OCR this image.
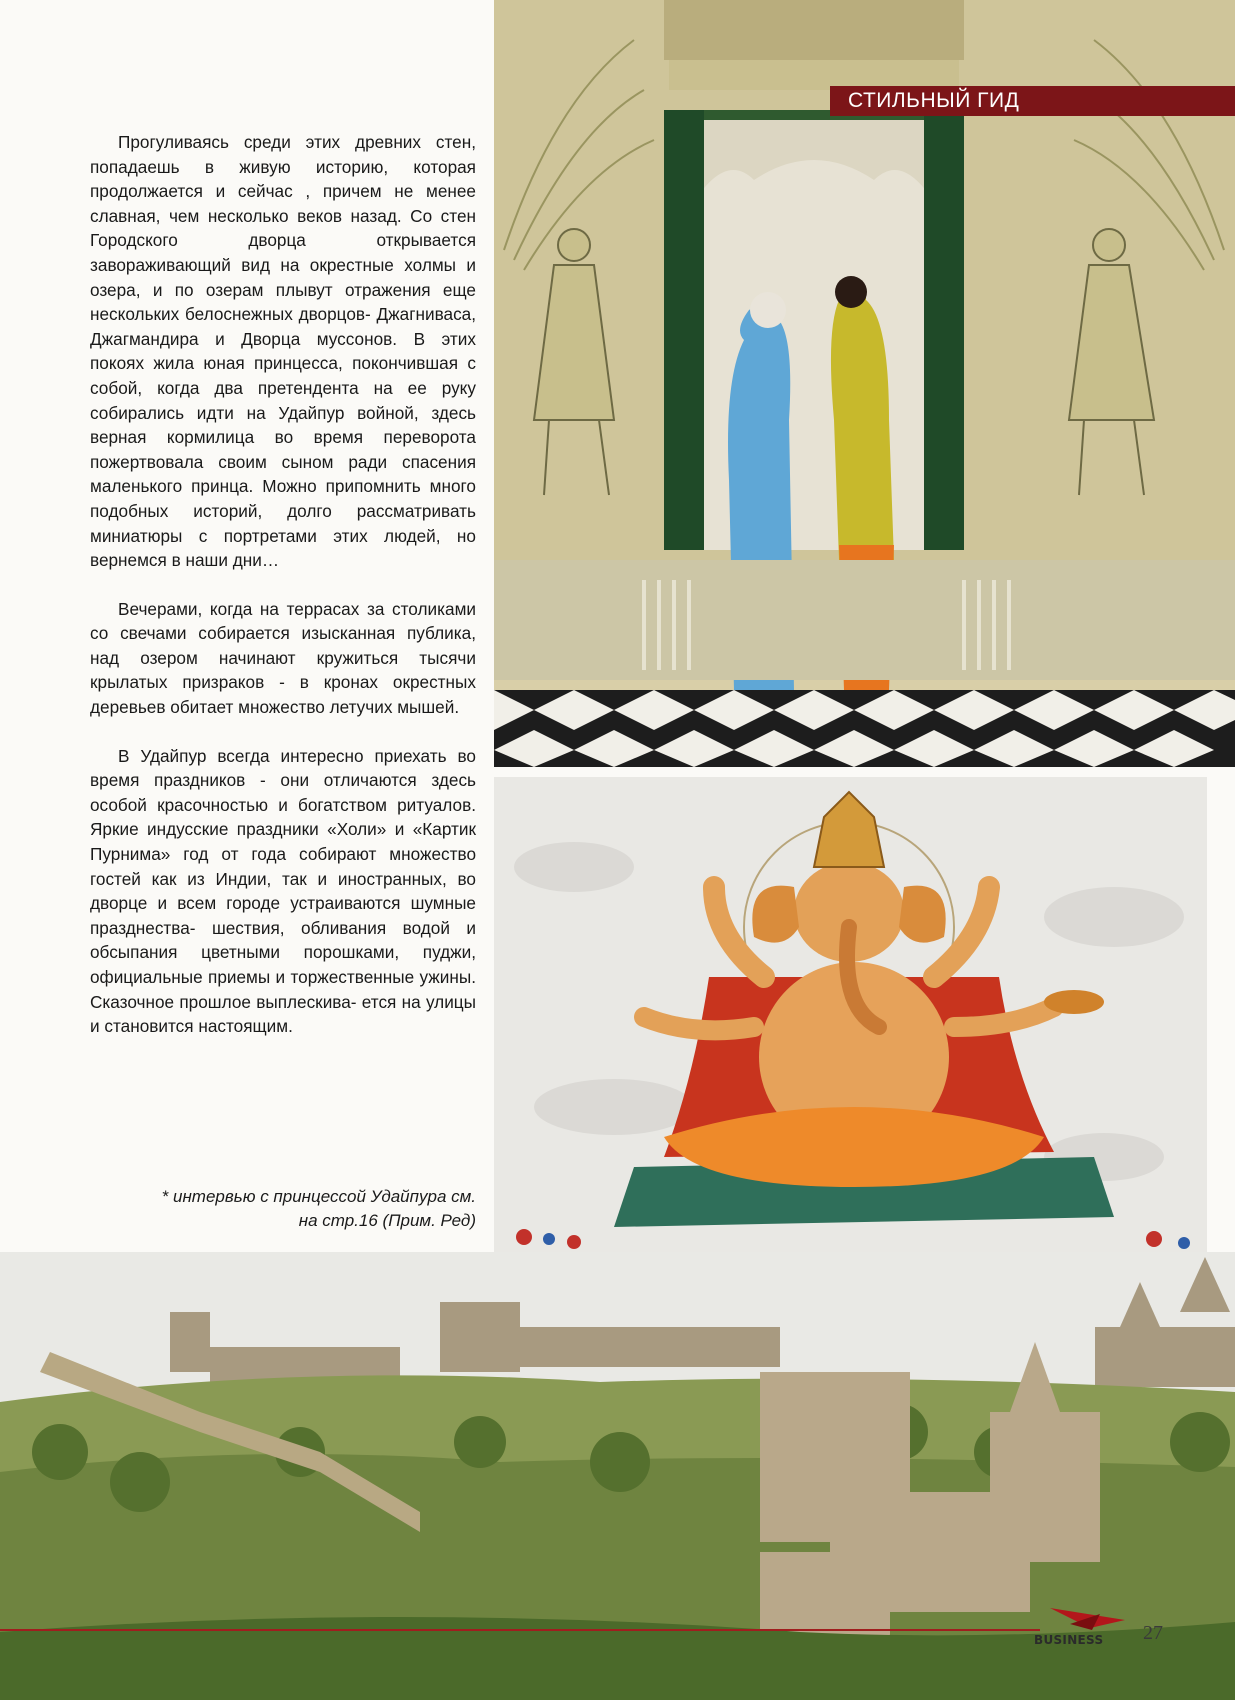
Прогуливаясь среди этих древних стен, попадаешь в живую историю, которая продолжается и сейчас , причем не менее славная, чем несколько веков назад. Со стен Городского дворца открывается завораживающий вид на окрестные холмы и озера, и по озерам плывут отражения еще нескольких белоснежных дворцов- Джагниваса, Джагмандира и Дворца муссонов. В этих покоях жила юная принцесса, покончившая с собой, когда два претендента на ее руку собирались идти на Удайпур войной, здесь верная кормилица во время переворота пожертвовала своим сыном ради спасения маленького принца. Можно припомнить много подобных историй, долго рассматривать миниатюры с портретами этих людей, но вернемся в наши дни…

Вечерами, когда на террасах за столиками со свечами собирается изысканная публика, над озером начинают кружиться тысячи крылатых призраков - в кронах окрестных деревьев обитает множество летучих мышей.

В Удайпур всегда интересно приехать во время праздников - они отличаются здесь особой красочностью и богатством ритуалов. Яркие индусские праздники «Холи» и «Картик Пурнима» год от года собирают множество гостей как из Индии, так и иностранных, во дворце и всем городе устраиваются шумные празднества- шествия, обливания водой и обсыпания цветными порошками, пуджи, официальные приемы и торжественные ужины. Сказочное прошлое выплескива- ется на улицы и становится настоящим.

* интервью с принцессой Удайпура см.
на стр.16 (Прим. Ред)
СТИЛЬНЫЙ ГИД
BUSINESS 27
